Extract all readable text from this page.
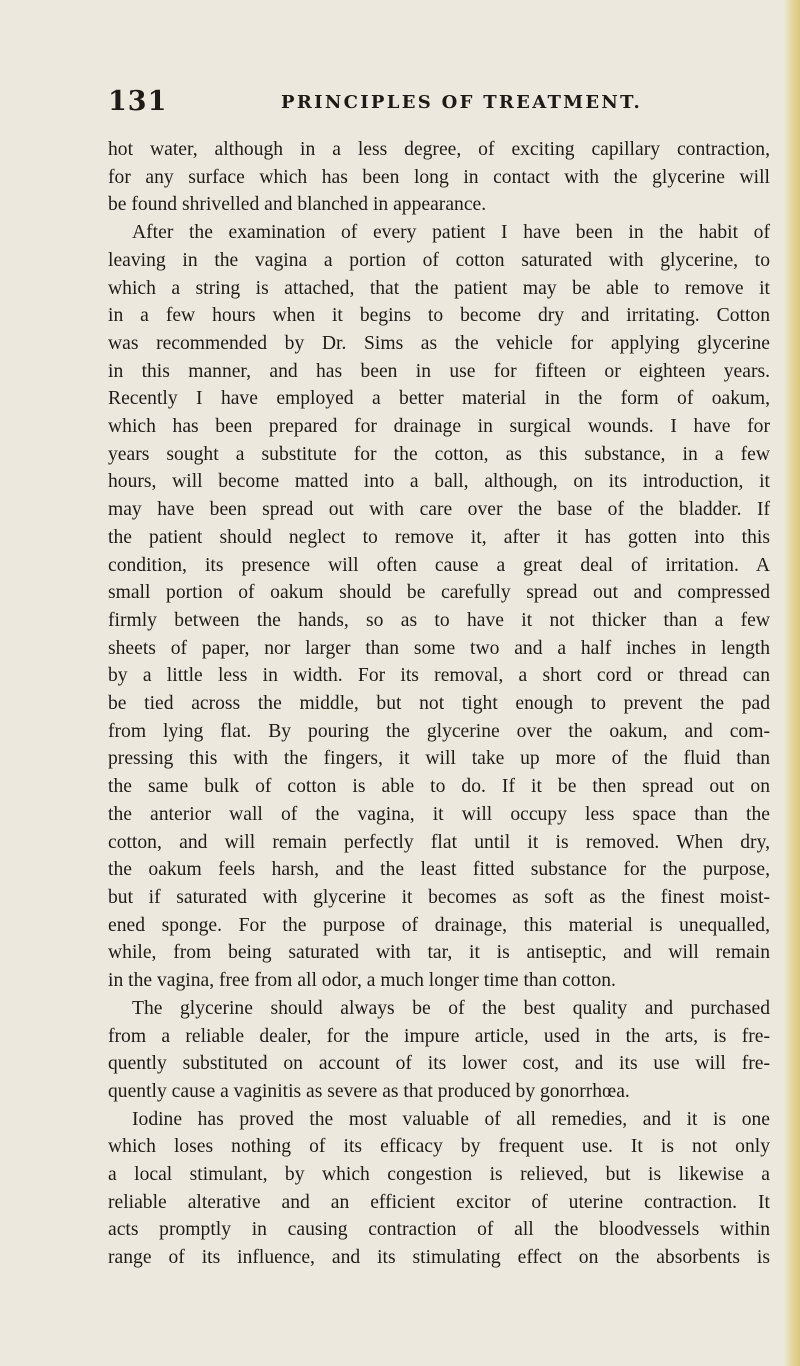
131	PRINCIPLES OF TREATMENT.
hot water, although in a less degree, of exciting capillary contraction,
for any surface which has been long in contact with the glycerine will
be found shrivelled and blanched in appearance.
After the examination of every patient I have been in the habit of
leaving in the vagina a portion of cotton saturated with glycerine, to
which a string is attached, that the patient may be able to remove it
in a few hours when it begins to become dry and irritating. Cotton
was recommended by Dr. Sims as the vehicle for applying glycerine
in this manner, and has been in use for fifteen or eighteen years.
Recently I have employed a better material in the form of oakum,
which has been prepared for drainage in surgical wounds. I have for
years sought a substitute for the cotton, as this substance, in a few
hours, will become matted into a ball, although, on its introduction, it
may have been spread out with care over the base of the bladder. If
the patient should neglect to remove it, after it has gotten into this
condition, its presence will often cause a great deal of irritation. A
small portion of oakum should be carefully spread out and compressed
firmly between the hands, so as to have it not thicker than a few
sheets of paper, nor larger than some two and a half inches in length
by a little less in width. For its removal, a short cord or thread can
be tied across the middle, but not tight enough to prevent the pad
from lying flat. By pouring the glycerine over the oakum, and com-
pressing this with the fingers, it will take up more of the fluid than
the same bulk of cotton is able to do. If it be then spread out on
the anterior wall of the vagina, it will occupy less space than the
cotton, and will remain perfectly flat until it is removed. When dry,
the oakum feels harsh, and the least fitted substance for the purpose,
but if saturated with glycerine it becomes as soft as the finest moist-
ened sponge. For the purpose of drainage, this material is unequalled,
while, from being saturated with tar, it is antiseptic, and will remain
in the vagina, free from all odor, a much longer time than cotton.
The glycerine should always be of the best quality and purchased
from a reliable dealer, for the impure article, used in the arts, is fre-
quently substituted on account of its lower cost, and its use will fre-
quently cause a vaginitis as severe as that produced by gonorrhœa.
Iodine has proved the most valuable of all remedies, and it is one
which loses nothing of its efficacy by frequent use. It is not only
a local stimulant, by which congestion is relieved, but is likewise a
reliable alterative and an efficient excitor of uterine contraction. It
acts promptly in causing contraction of all the bloodvessels within
range of its influence, and its stimulating effect on the absorbents is
